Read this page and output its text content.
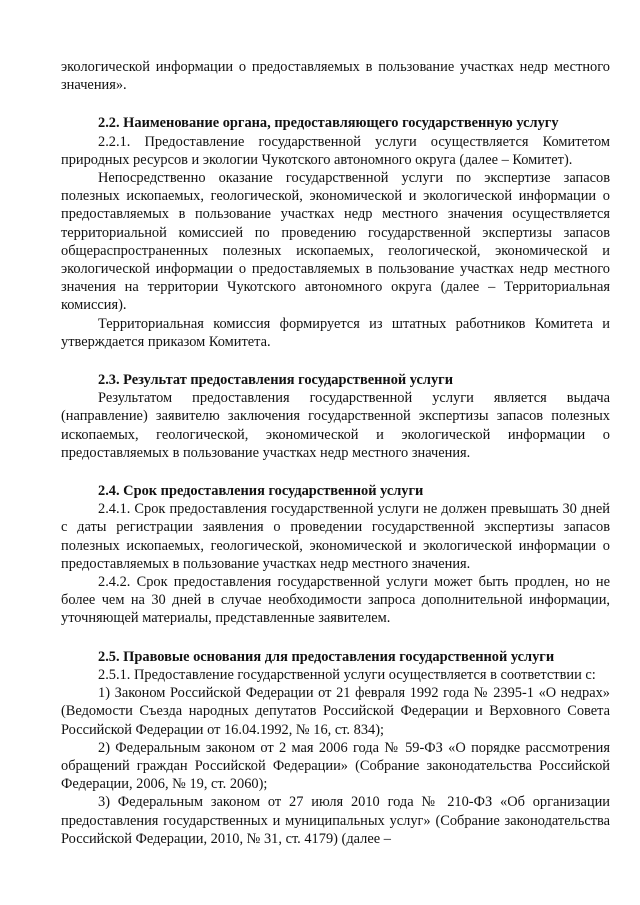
экологической информации о предоставляемых в пользование участках недр местного значения».

2.2. Наименование органа, предоставляющего государственную услугу

2.2.1. Предоставление государственной услуги осуществляется Комитетом природных ресурсов и экологии Чукотского автономного округа (далее – Комитет).

Непосредственно оказание государственной услуги по экспертизе запасов полезных ископаемых, геологической, экономической и экологической информации о предоставляемых в пользование участках недр местного значения осуществляется территориальной комиссией по проведению государственной экспертизы запасов общераспространенных полезных ископаемых, геологической, экономической и экологической информации о предоставляемых в пользование участках недр местного значения на территории Чукотского автономного округа (далее – Территориальная комиссия).

Территориальная комиссия формируется из штатных работников Комитета и утверждается приказом Комитета.

2.3. Результат предоставления государственной услуги

Результатом предоставления государственной услуги является выдача (направление) заявителю заключения государственной экспертизы запасов полезных ископаемых, геологической, экономической и экологической информации о предоставляемых в пользование участках недр местного значения.

2.4. Срок предоставления государственной услуги

2.4.1. Срок предоставления государственной услуги не должен превышать 30 дней с даты регистрации заявления о проведении государственной экспертизы запасов полезных ископаемых, геологической, экономической и экологической информации о предоставляемых в пользование участках недр местного значения.

2.4.2. Срок предоставления государственной услуги может быть продлен, но не более чем на 30 дней в случае необходимости запроса дополнительной информации, уточняющей материалы, представленные заявителем.

2.5. Правовые основания для предоставления государственной услуги

2.5.1. Предоставление государственной услуги осуществляется в соответствии с:

1) Законом Российской Федерации от 21 февраля 1992 года № 2395-1 «О недрах» (Ведомости Съезда народных депутатов Российской Федерации и Верховного Совета Российской Федерации от 16.04.1992, № 16, ст. 834);

2) Федеральным законом от 2 мая 2006 года № 59-ФЗ «О порядке рассмотрения обращений граждан Российской Федерации» (Собрание законодательства Российской Федерации, 2006, № 19, ст. 2060);

3) Федеральным законом от 27 июля 2010 года № 210-ФЗ «Об организации предоставления государственных и муниципальных услуг» (Собрание законодательства Российской Федерации, 2010, № 31, ст. 4179) (далее –
